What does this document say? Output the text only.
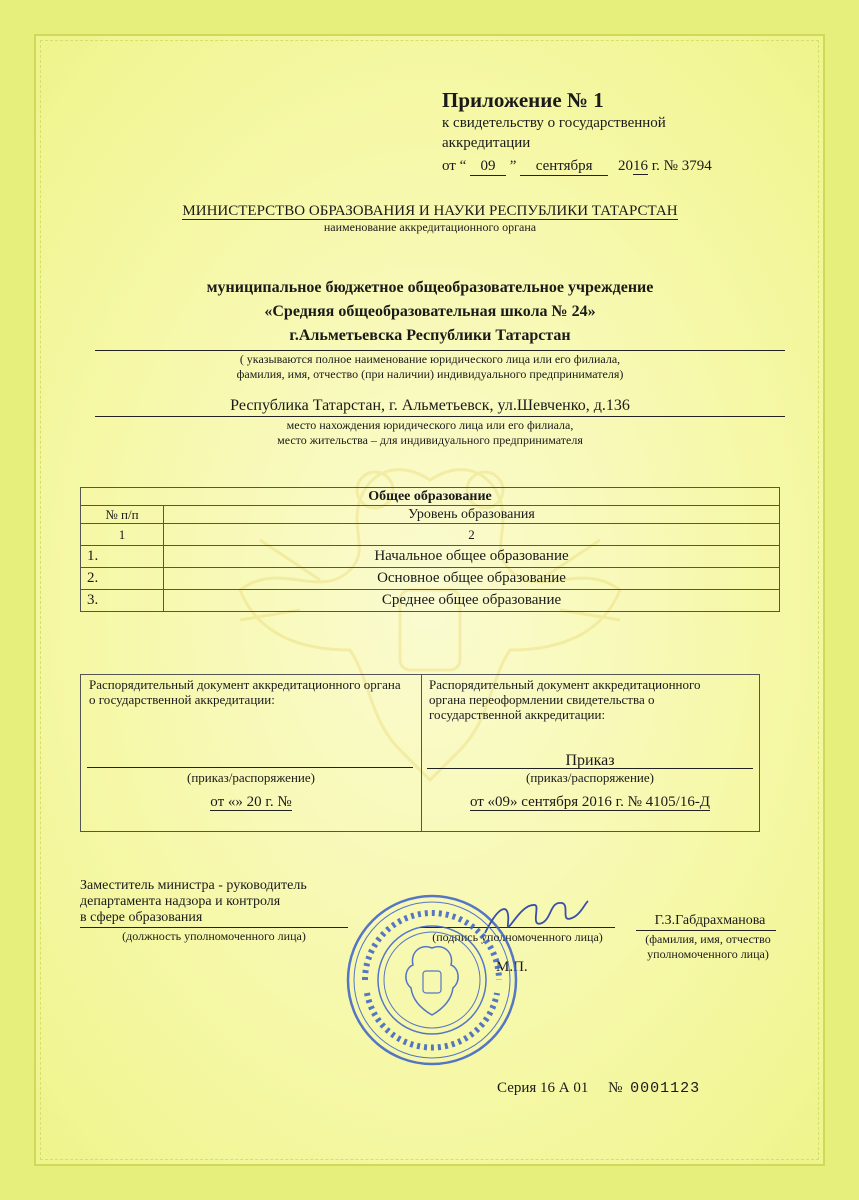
Приложение № 1
к свидетельству о государственной
аккредитации
от “ 09 ” сентября 2016 г. № 3794
МИНИСТЕРСТВО ОБРАЗОВАНИЯ И НАУКИ РЕСПУБЛИКИ ТАТАРСТАН
наименование аккредитационного органа
муниципальное бюджетное общеобразовательное учреждение
«Средняя общеобразовательная школа № 24»
г.Альметьевска Республики Татарстан
( указываются полное наименование юридического лица или его филиала,
фамилия, имя, отчество (при наличии) индивидуального предпринимателя)
Республика Татарстан, г. Альметьевск, ул.Шевченко, д.136
место нахождения юридического лица или его филиала,
место жительства – для индивидуального предпринимателя
Общее образование	
№ п/п	Уровень образования
1	2
1.	Начальное общее образование
2.	Основное общее образование
3.	Среднее общее образование
Распорядительный документ аккредитационного органа о государственной аккредитации:
(приказ/распоряжение)
от «» 20 г. №
Распорядительный документ аккредитационного органа переоформлении свидетельства о государственной аккредитации:
Приказ
(приказ/распоряжение)
от «09» сентября 2016 г. № 4105/16-Д
Заместитель министра - руководитель
департамента надзора и контроля
в сфере образования
(должность уполномоченного лица)	(подпись уполномоченного лица)
М.П.
Г.З.Габдрахманова
(фамилия, имя, отчество
уполномоченного лица)
Серия 16 А 01 № 0001123
